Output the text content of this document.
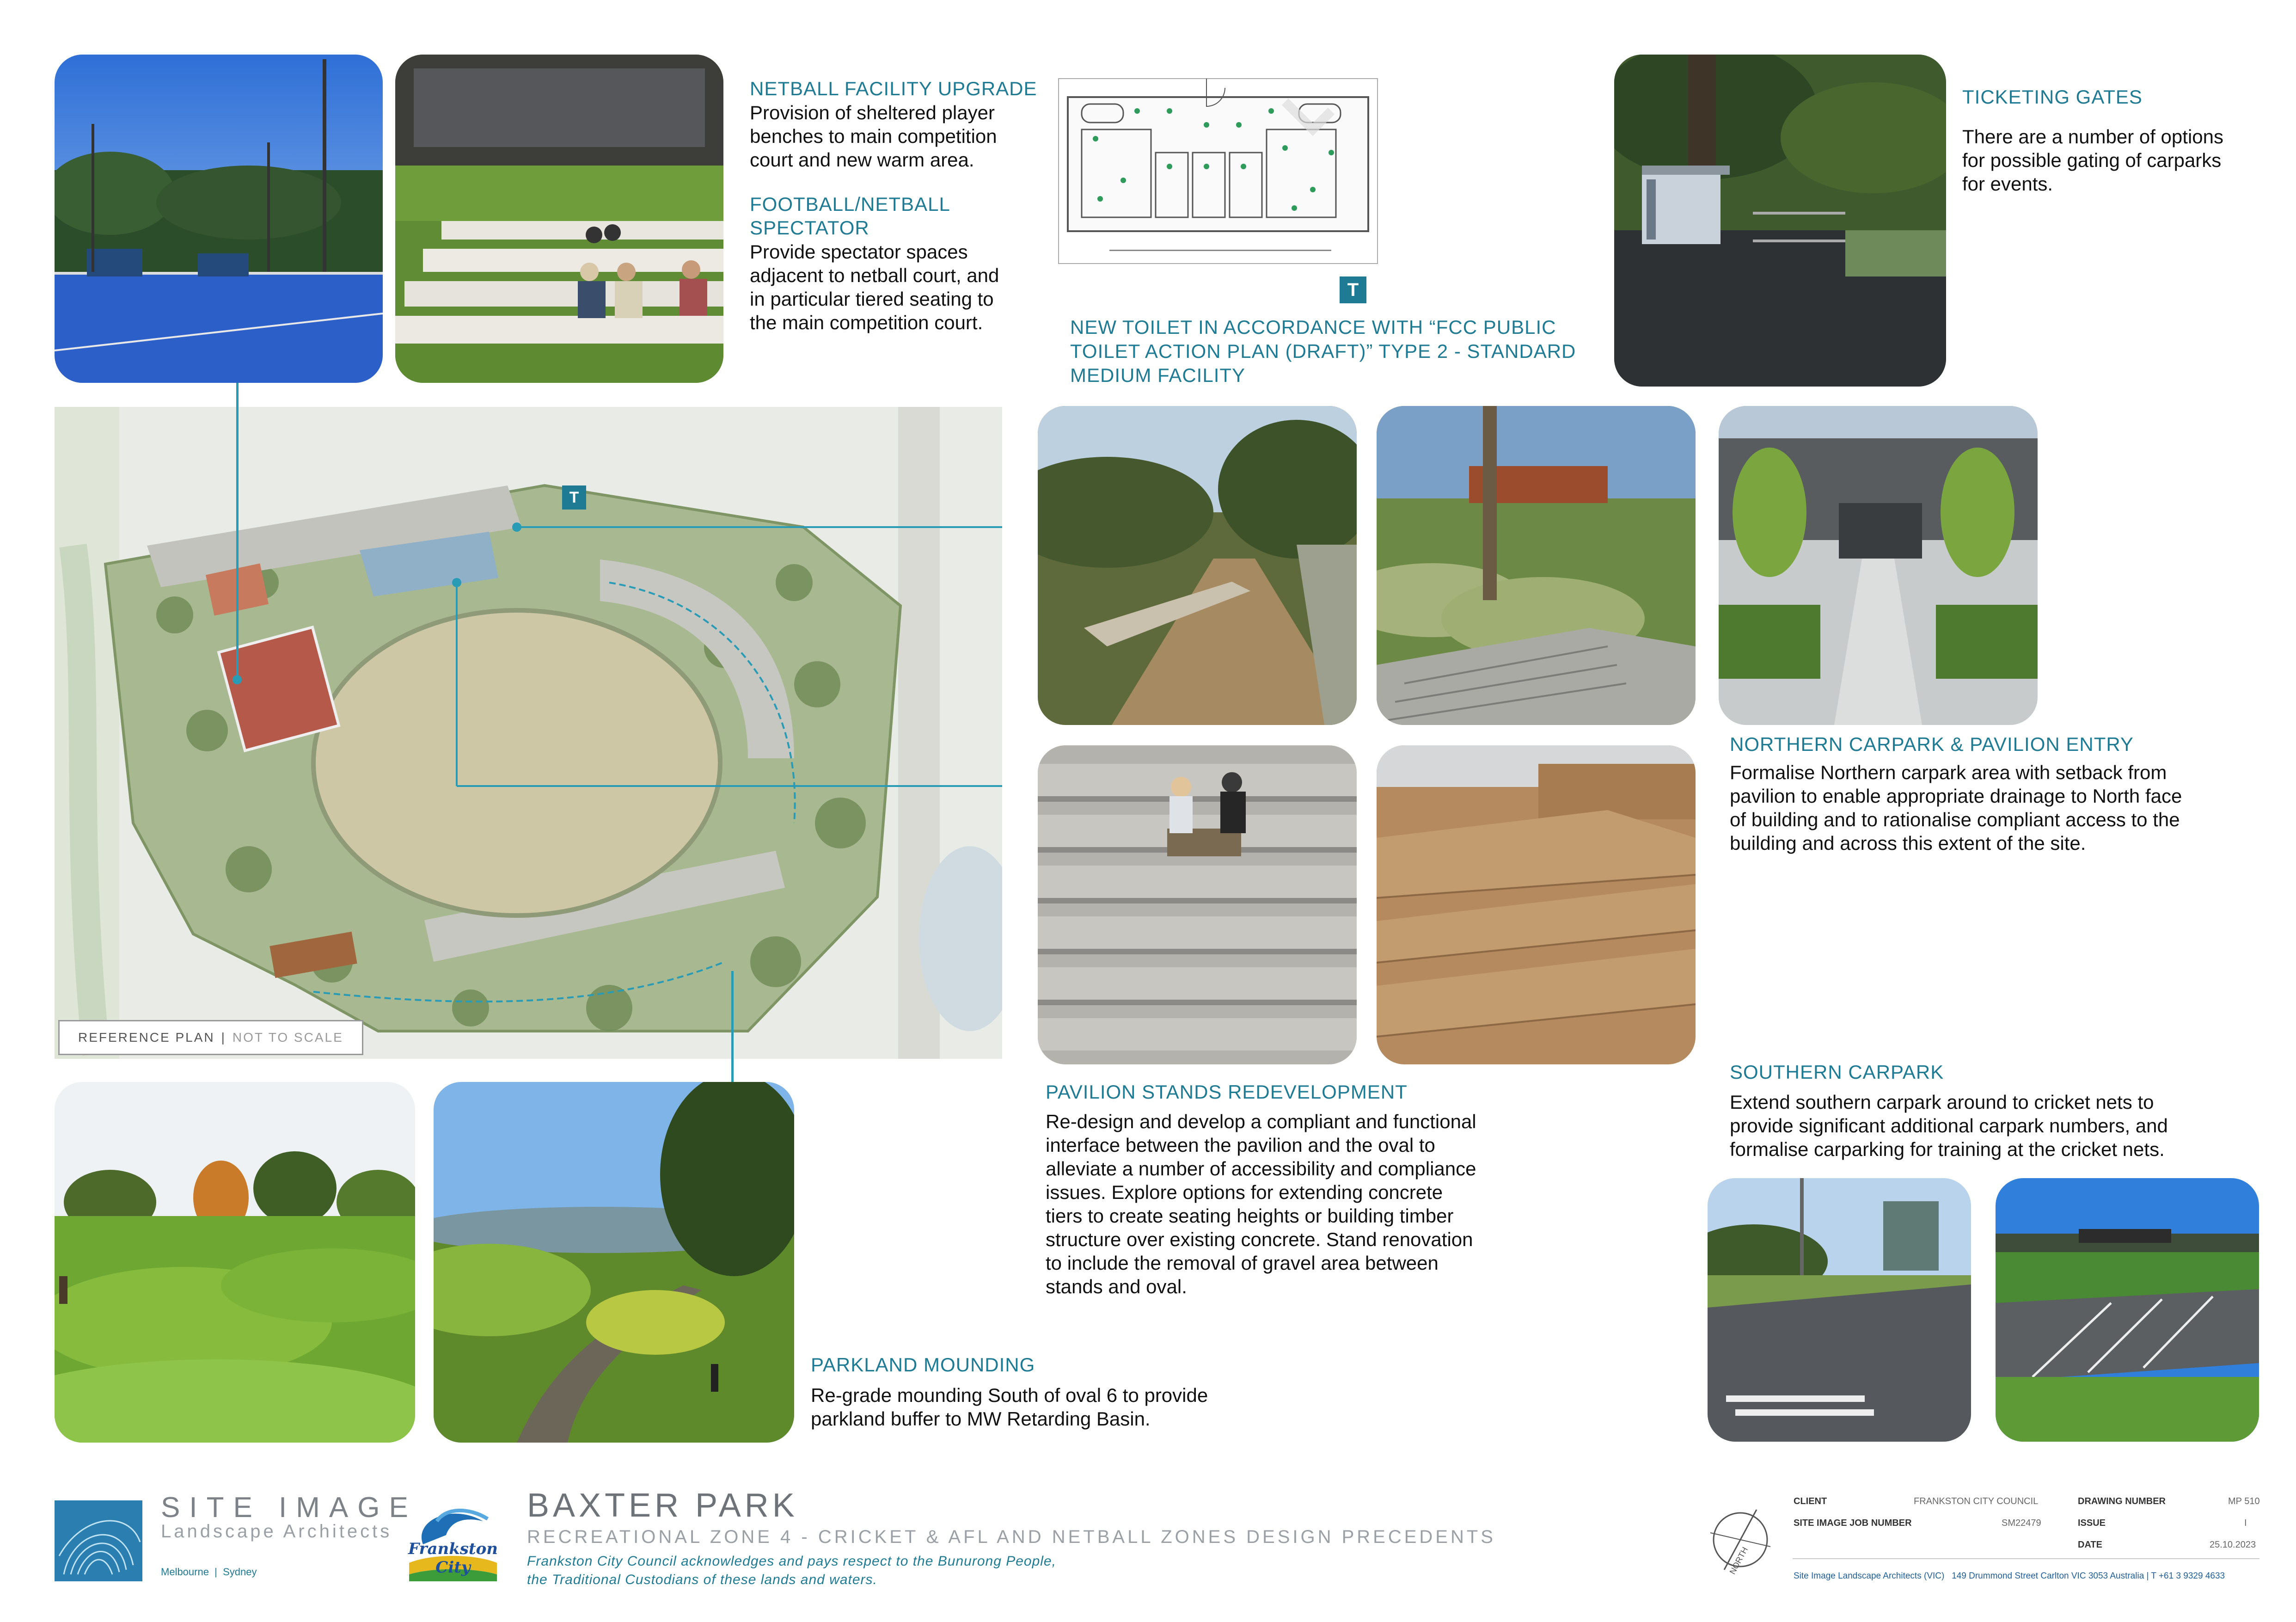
T
T
REFERENCE PLAN | NOT TO SCALE
NETBALL FACILITY UPGRADE
Provision of sheltered player
benches to main competition
court and new warm area.
FOOTBALL/NETBALL
SPECTATOR
Provide spectator spaces
adjacent to netball court, and
in particular tiered seating to
the main competition court.	NEW TOILET IN ACCORDANCE WITH “FCC PUBLIC
TOILET ACTION PLAN (DRAFT)” TYPE 2 - STANDARD
MEDIUM FACILITY
TICKETING GATES
There are a number of options
for possible gating of carparks
for events.
NORTHERN CARPARK & PAVILION ENTRY
Formalise Northern carpark area with setback from
pavilion to enable appropriate drainage to North face
of building and to rationalise compliant access to the
building and across this extent of the site.
SOUTHERN CARPARK
Extend southern carpark around to cricket nets to
provide significant additional carpark numbers, and
formalise carparking for training at the cricket nets.
PAVILION STANDS REDEVELOPMENT
Re-design and develop a compliant and functional
interface between the pavilion and the oval to
alleviate a number of accessibility and compliance
issues. Explore options for extending concrete
tiers to create seating heights or building timber
structure over existing concrete. Stand renovation
to include the removal of gravel area between
stands and oval.
PARKLAND MOUNDING
Re-grade mounding South of oval 6 to provide
parkland buffer to MW Retarding Basin.
SITE IMAGE
Landscape Architects
Melbourne  |  Sydney
Frankston City
BAXTER PARK
RECREATIONAL ZONE 4 - CRICKET & AFL AND NETBALL ZONES DESIGN PRECEDENTS
Frankston City Council acknowledges and pays respect to the Bunurong People,
the Traditional Custodians of these lands and waters.
NORTH
CLIENT	FRANKSTON CITY COUNCIL
SITE IMAGE JOB NUMBER	SM22479
DRAWING NUMBER	MP 510
ISSUE	I
DATE	25.10.2023
Site Image Landscape Architects (VIC)   149 Drummond Street Carlton VIC 3053 Australia | T +61 3 9329 4633
